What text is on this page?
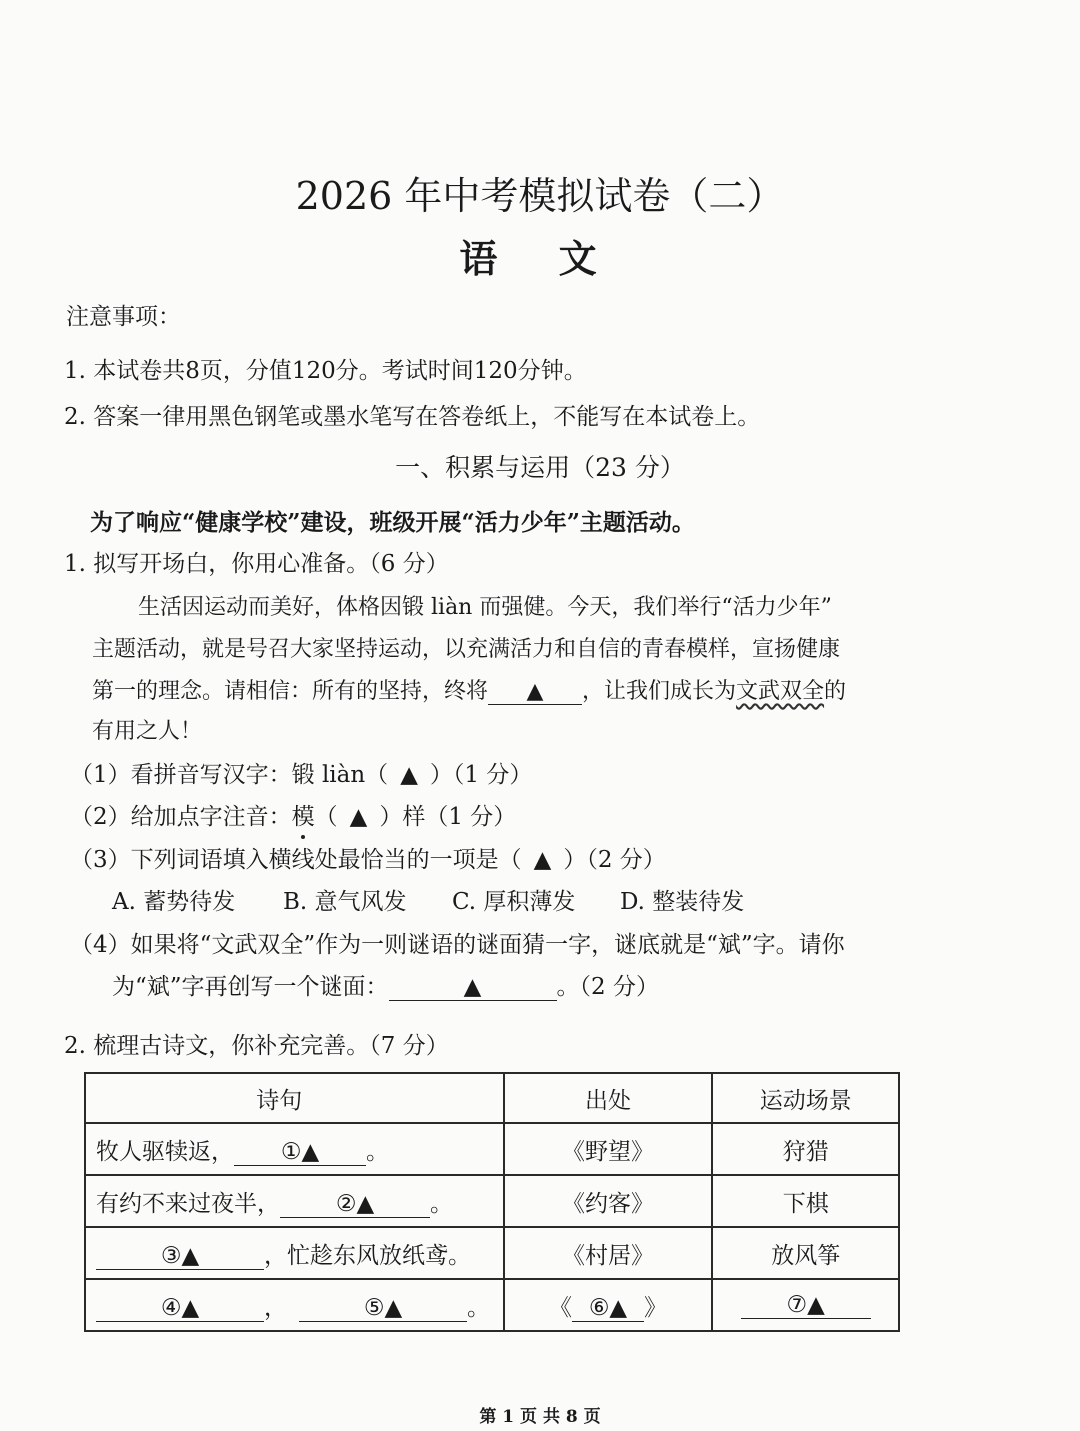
2026 年中考模拟试卷（二）
语 文
注意事项：
1. 本试卷共8页，分值120分。考试时间120分钟。
2. 答案一律用黑色钢笔或墨水笔写在答卷纸上，不能写在本试卷上。
一、积累与运用（23 分）
为了响应“健康学校”建设，班级开展“活力少年”主题活动。
1. 拟写开场白，你用心准备。（6 分）
生活因运动而美好，体格因锻 liàn 而强健。今天，我们举行“活力少年”
主题活动，就是号召大家坚持运动，以充满活力和自信的青春模样，宣扬健康
第一的理念。请相信：所有的坚持，终将 ▲ ，让我们成长为文武双全的
有用之人！
（1）看拼音写汉字：锻 liàn（ ▲ ）（1 分）
（2）给加点字注音：模（ ▲ ）样（1 分）
（3）下列词语填入横线处最恰当的一项是（ ▲ ）（2 分）
A. 蓄势待发 B. 意气风发 C. 厚积薄发 D. 整装待发
（4）如果将“文武双全”作为一则谜语的谜面猜一字，谜底就是“斌”字。请你
为“斌”字再创写一个谜面：	▲	。（2 分）
2. 梳理古诗文，你补充完善。（7 分）
诗句	出处	运动场景
牧人驱犊返， ①▲ 。	《野望》	狩猎
有约不来过夜半， ②▲ 。	《约客》	下棋
③▲ ，忙趁东风放纸鸢。	《村居》	放风筝
④▲ ， ⑤▲ 。	《 ⑥▲ 》	⑦▲
第 1 页 共 8 页
